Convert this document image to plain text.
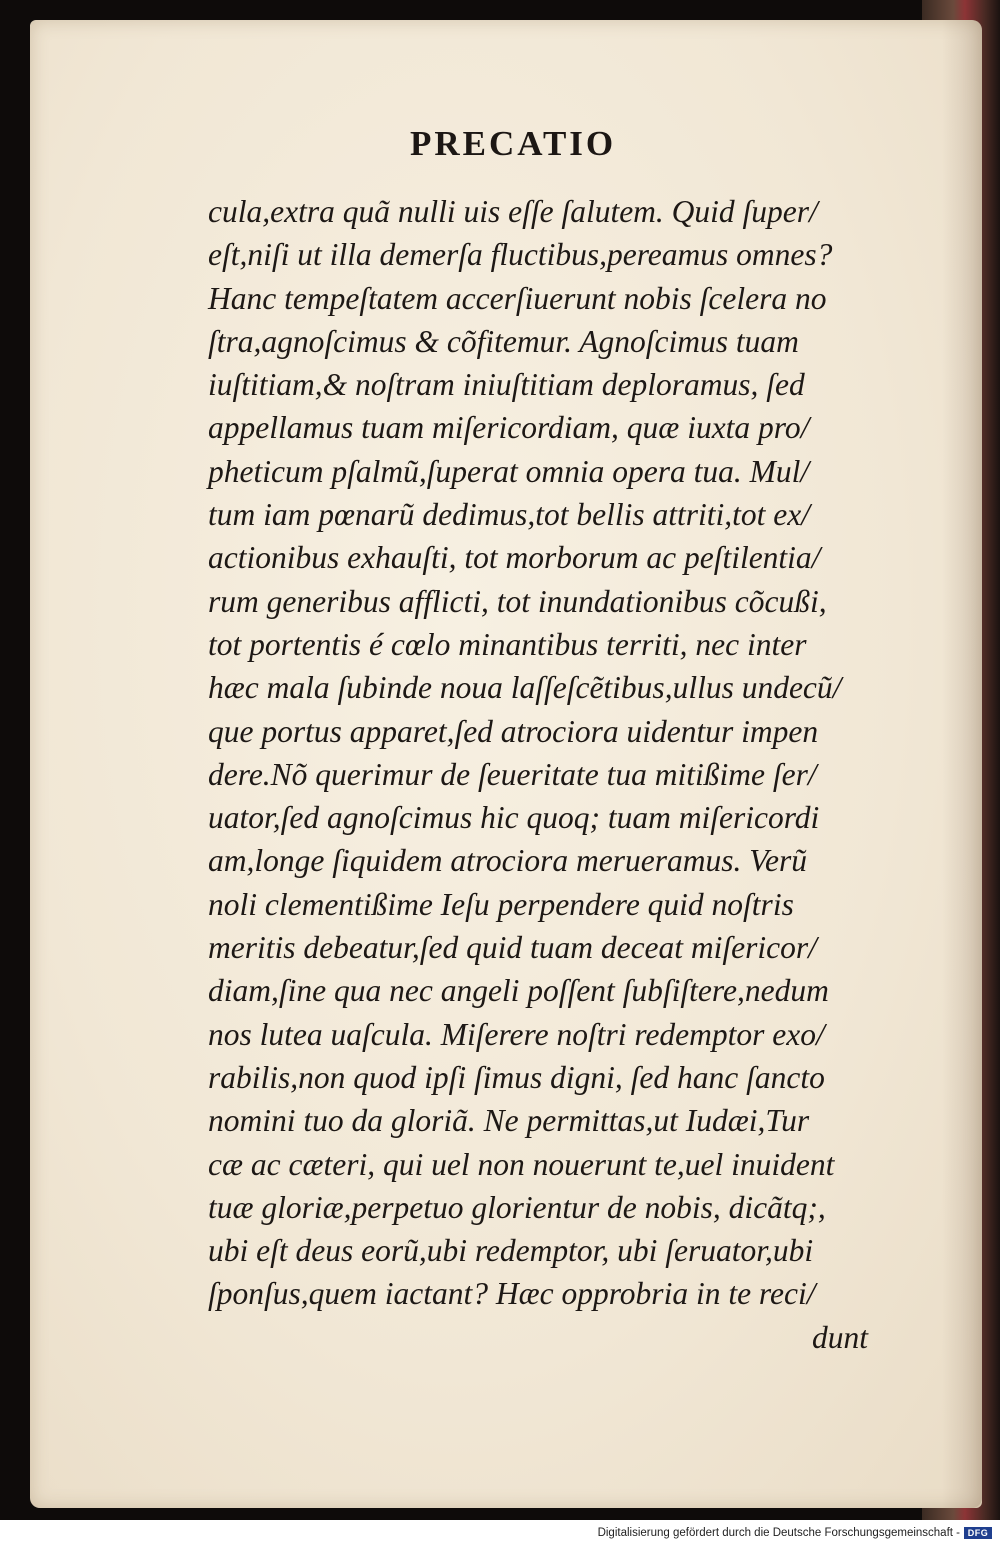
PRECATIO
cula,extra quã nulli uis eſſe ſalutem. Quid ſuper/
eſt,niſi ut illa demerſa fluctibus,pereamus omnes?
Hanc tempeſtatem accerſiuerunt nobis ſcelera no
ſtra,agnoſcimus & cõfitemur. Agnoſcimus tuam
iuſtitiam,& noſtram iniuſtitiam deploramus, ſed
appellamus tuam miſericordiam, quæ iuxta pro/
pheticum pſalmũ,ſuperat omnia opera tua. Mul/
tum iam pœnarũ dedimus,tot bellis attriti,tot ex/
actionibus exhauſti, tot morborum ac peſtilentia/
rum generibus afflicti, tot inundationibus cõcußi,
tot portentis é cœlo minantibus territi, nec inter
hæc mala ſubinde noua laſſeſcẽtibus,ullus undecũ/
que portus apparet,ſed atrociora uidentur impen
dere.Nõ querimur de ſeueritate tua mitißime ſer/
uator,ſed agnoſcimus hic quoq; tuam miſericordi
am,longe ſiquidem atrociora merueramus. Verũ
noli clementißime Ieſu perpendere quid noſtris
meritis debeatur,ſed quid tuam deceat miſericor/
diam,ſine qua nec angeli poſſent ſubſiſtere,nedum
nos lutea uaſcula. Miſerere noſtri redemptor exo/
rabilis,non quod ipſi ſimus digni, ſed hanc ſancto
nomini tuo da gloriã. Ne permittas,ut Iudæi,Tur
cæ ac cæteri, qui uel non nouerunt te,uel inuident
tuæ gloriæ,perpetuo glorientur de nobis, dicãtq;,
ubi eſt deus eorũ,ubi redemptor, ubi ſeruator,ubi
ſponſus,quem iactant? Hæc opprobria in te reci/
dunt
Digitalisierung gefördert durch die Deutsche Forschungsgemeinschaft - DFG
